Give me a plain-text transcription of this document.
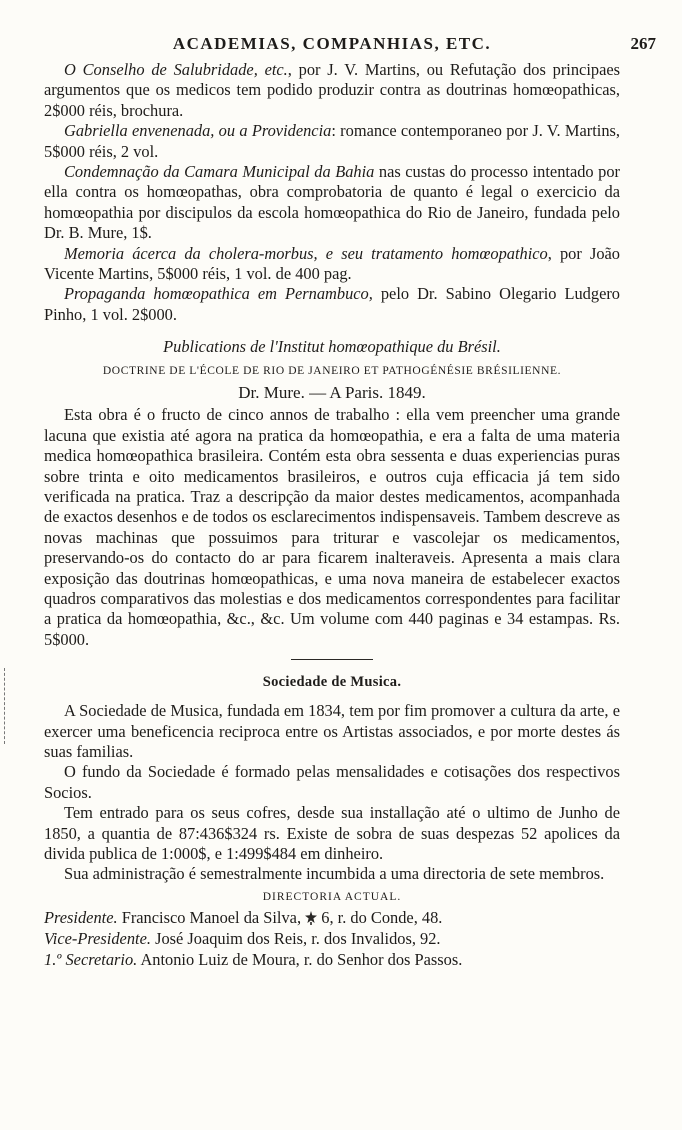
ACADEMIAS, COMPANHIAS, ETC.	267

O Conselho de Salubridade, etc., por J. V. Martins, ou Refutação dos principaes argumentos que os medicos tem podido produzir contra as doutrinas homœopathicas, 2$000 réis, brochura.

Gabriella envenenada, ou a Providencia: romance contemporaneo por J. V. Martins, 5$000 réis, 2 vol.

Condemnação da Camara Municipal da Bahia nas custas do processo intentado por ella contra os homœopathas, obra comprobatoria de quanto é legal o exercicio da homœopathia por discipulos da escola homœopathica do Rio de Janeiro, fundada pelo Dr. B. Mure, 1$.

Memoria ácerca da cholera-morbus, e seu tratamento homœopathico, por João Vicente Martins, 5$000 réis, 1 vol. de 400 pag.

Propaganda homœopathica em Pernambuco, pelo Dr. Sabino Olegario Ludgero Pinho, 1 vol. 2$000.

Publications de l'Institut homœopathique du Brésil.

DOCTRINE DE L'ÉCOLE DE RIO DE JANEIRO ET PATHOGÉNÉSIE BRÉSILIENNE.

Dr. Mure. — A Paris. 1849.

Esta obra é o fructo de cinco annos de trabalho : ella vem preencher uma grande lacuna que existia até agora na pratica da homœopathia, e era a falta de uma materia medica homœopathica brasileira. Contém esta obra sessenta e duas experiencias puras sobre trinta e oito medicamentos brasileiros, e outros cuja efficacia já tem sido verificada na pratica. Traz a descripção da maior destes medicamentos, acompanhada de exactos desenhos e de todos os esclarecimentos indispensaveis. Tambem descreve as novas machinas que possuimos para triturar e vascolejar os medicamentos, preservando-os do contacto do ar para ficarem inalteraveis. Apresenta a mais clara exposição das doutrinas homœopathicas, e uma nova maneira de estabelecer exactos quadros comparativos das molestias e dos medicamentos correspondentes para facilitar a pratica da homœopathia, &c., &c. Um volume com 440 paginas e 34 estampas. Rs. 5$000.

Sociedade de Musica.

A Sociedade de Musica, fundada em 1834, tem por fim promover a cultura da arte, e exercer uma beneficencia reciproca entre os Artistas associados, e por morte destes ás suas familias.

O fundo da Sociedade é formado pelas mensalidades e cotisações dos respectivos Socios.

Tem entrado para os seus cofres, desde sua installação até o ultimo de Junho de 1850, a quantia de 87:436$324 rs. Existe de sobra de suas despezas 52 apolices da divida publica de 1:000$, e 1:499$484 em dinheiro.

Sua administração é semestralmente incumbida a uma directoria de sete membros.

DIRECTORIA ACTUAL.

Presidente. Francisco Manoel da Silva, 6, r. do Conde, 48.

Vice-Presidente. José Joaquim dos Reis, r. dos Invalidos, 92.

1.º Secretario. Antonio Luiz de Moura, r. do Senhor dos Passos.
